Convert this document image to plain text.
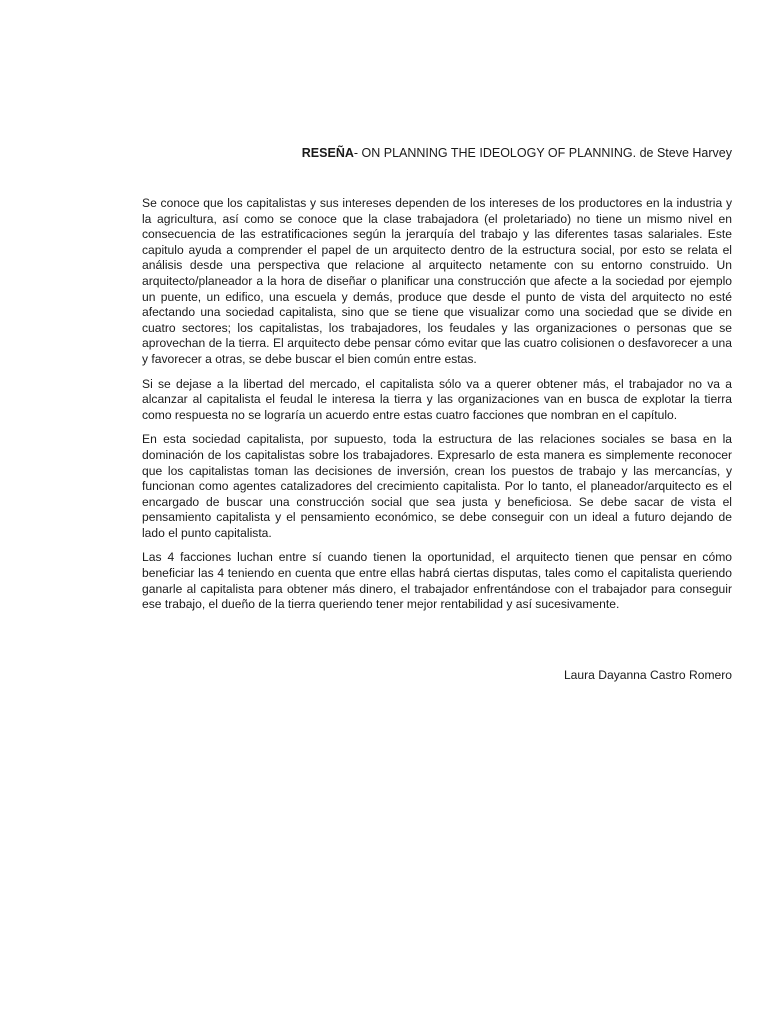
RESEÑA- ON PLANNING THE IDEOLOGY OF PLANNING. de Steve Harvey

Se conoce que los capitalistas y sus intereses dependen de los intereses de los productores en la industria y la agricultura, así como se conoce que la clase trabajadora (el proletariado) no tiene un mismo nivel en consecuencia de las estratificaciones según la jerarquía del trabajo y las diferentes tasas salariales. Este capitulo ayuda a comprender el papel de un arquitecto dentro de la estructura social, por esto se relata el análisis desde una perspectiva que relacione al arquitecto netamente con su entorno construido. Un arquitecto/planeador a la hora de diseñar o planificar una construcción que afecte a la sociedad por ejemplo un puente, un edifico, una escuela y demás, produce que desde el punto de vista del arquitecto no esté afectando una sociedad capitalista, sino que se tiene que visualizar como una sociedad que se divide en cuatro sectores; los capitalistas, los trabajadores, los feudales y las organizaciones o personas que se aprovechan de la tierra. El arquitecto debe pensar cómo evitar que las cuatro colisionen o desfavorecer a una y favorecer a otras, se debe buscar el bien común entre estas.

Si se dejase a la libertad del mercado, el capitalista sólo va a querer obtener más, el trabajador no va a alcanzar al capitalista el feudal le interesa la tierra y las organizaciones van en busca de explotar la tierra como respuesta no se lograría un acuerdo entre estas cuatro facciones que nombran en el capítulo.

En esta sociedad capitalista, por supuesto, toda la estructura de las relaciones sociales se basa en la dominación de los capitalistas sobre los trabajadores. Expresarlo de esta manera es simplemente reconocer que los capitalistas toman las decisiones de inversión, crean los puestos de trabajo y las mercancías, y funcionan como agentes catalizadores del crecimiento capitalista. Por lo tanto, el planeador/arquitecto es el encargado de buscar una construcción social que sea justa y beneficiosa. Se debe sacar de vista el pensamiento capitalista y el pensamiento económico, se debe conseguir con un ideal a futuro dejando de lado el punto capitalista.

Las 4 facciones luchan entre sí cuando tienen la oportunidad, el arquitecto tienen que pensar en cómo beneficiar las 4 teniendo en cuenta que entre ellas habrá ciertas disputas, tales como el capitalista queriendo ganarle al capitalista para obtener más dinero, el trabajador enfrentándose con el trabajador para conseguir ese trabajo, el dueño de la tierra queriendo tener mejor rentabilidad y así sucesivamente.

Laura Dayanna Castro Romero
